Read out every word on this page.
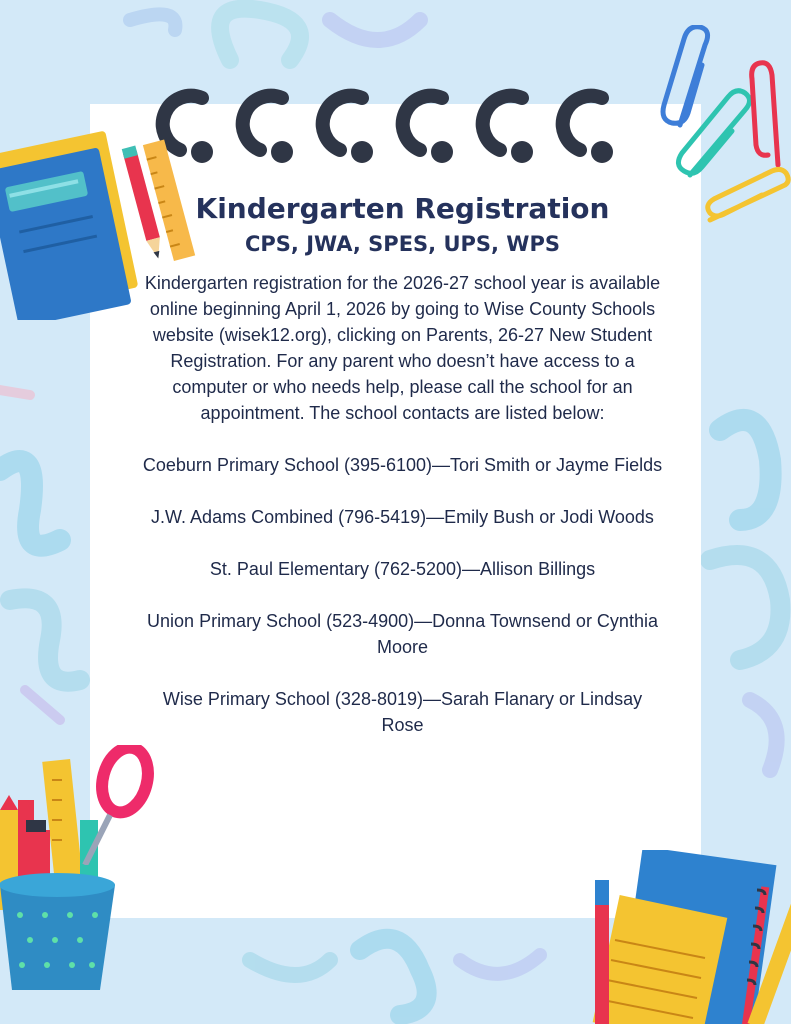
Kindergarten Registration
CPS, JWA, SPES, UPS, WPS

Kindergarten registration for the 2026-27 school year is available online beginning April 1, 2026 by going to Wise County Schools website (wisek12.org), clicking on Parents, 26-27 New Student Registration. For any parent who doesn’t have access to a computer or who needs help, please call the school for an appointment. The school contacts are listed below:

Coeburn Primary School (395-6100)—Tori Smith or Jayme Fields

J.W. Adams Combined (796-5419)—Emily Bush or Jodi Woods

St. Paul Elementary (762-5200)—Allison Billings

Union Primary School (523-4900)—Donna Townsend or Cynthia Moore

Wise Primary School (328-8019)—Sarah Flanary or Lindsay Rose
